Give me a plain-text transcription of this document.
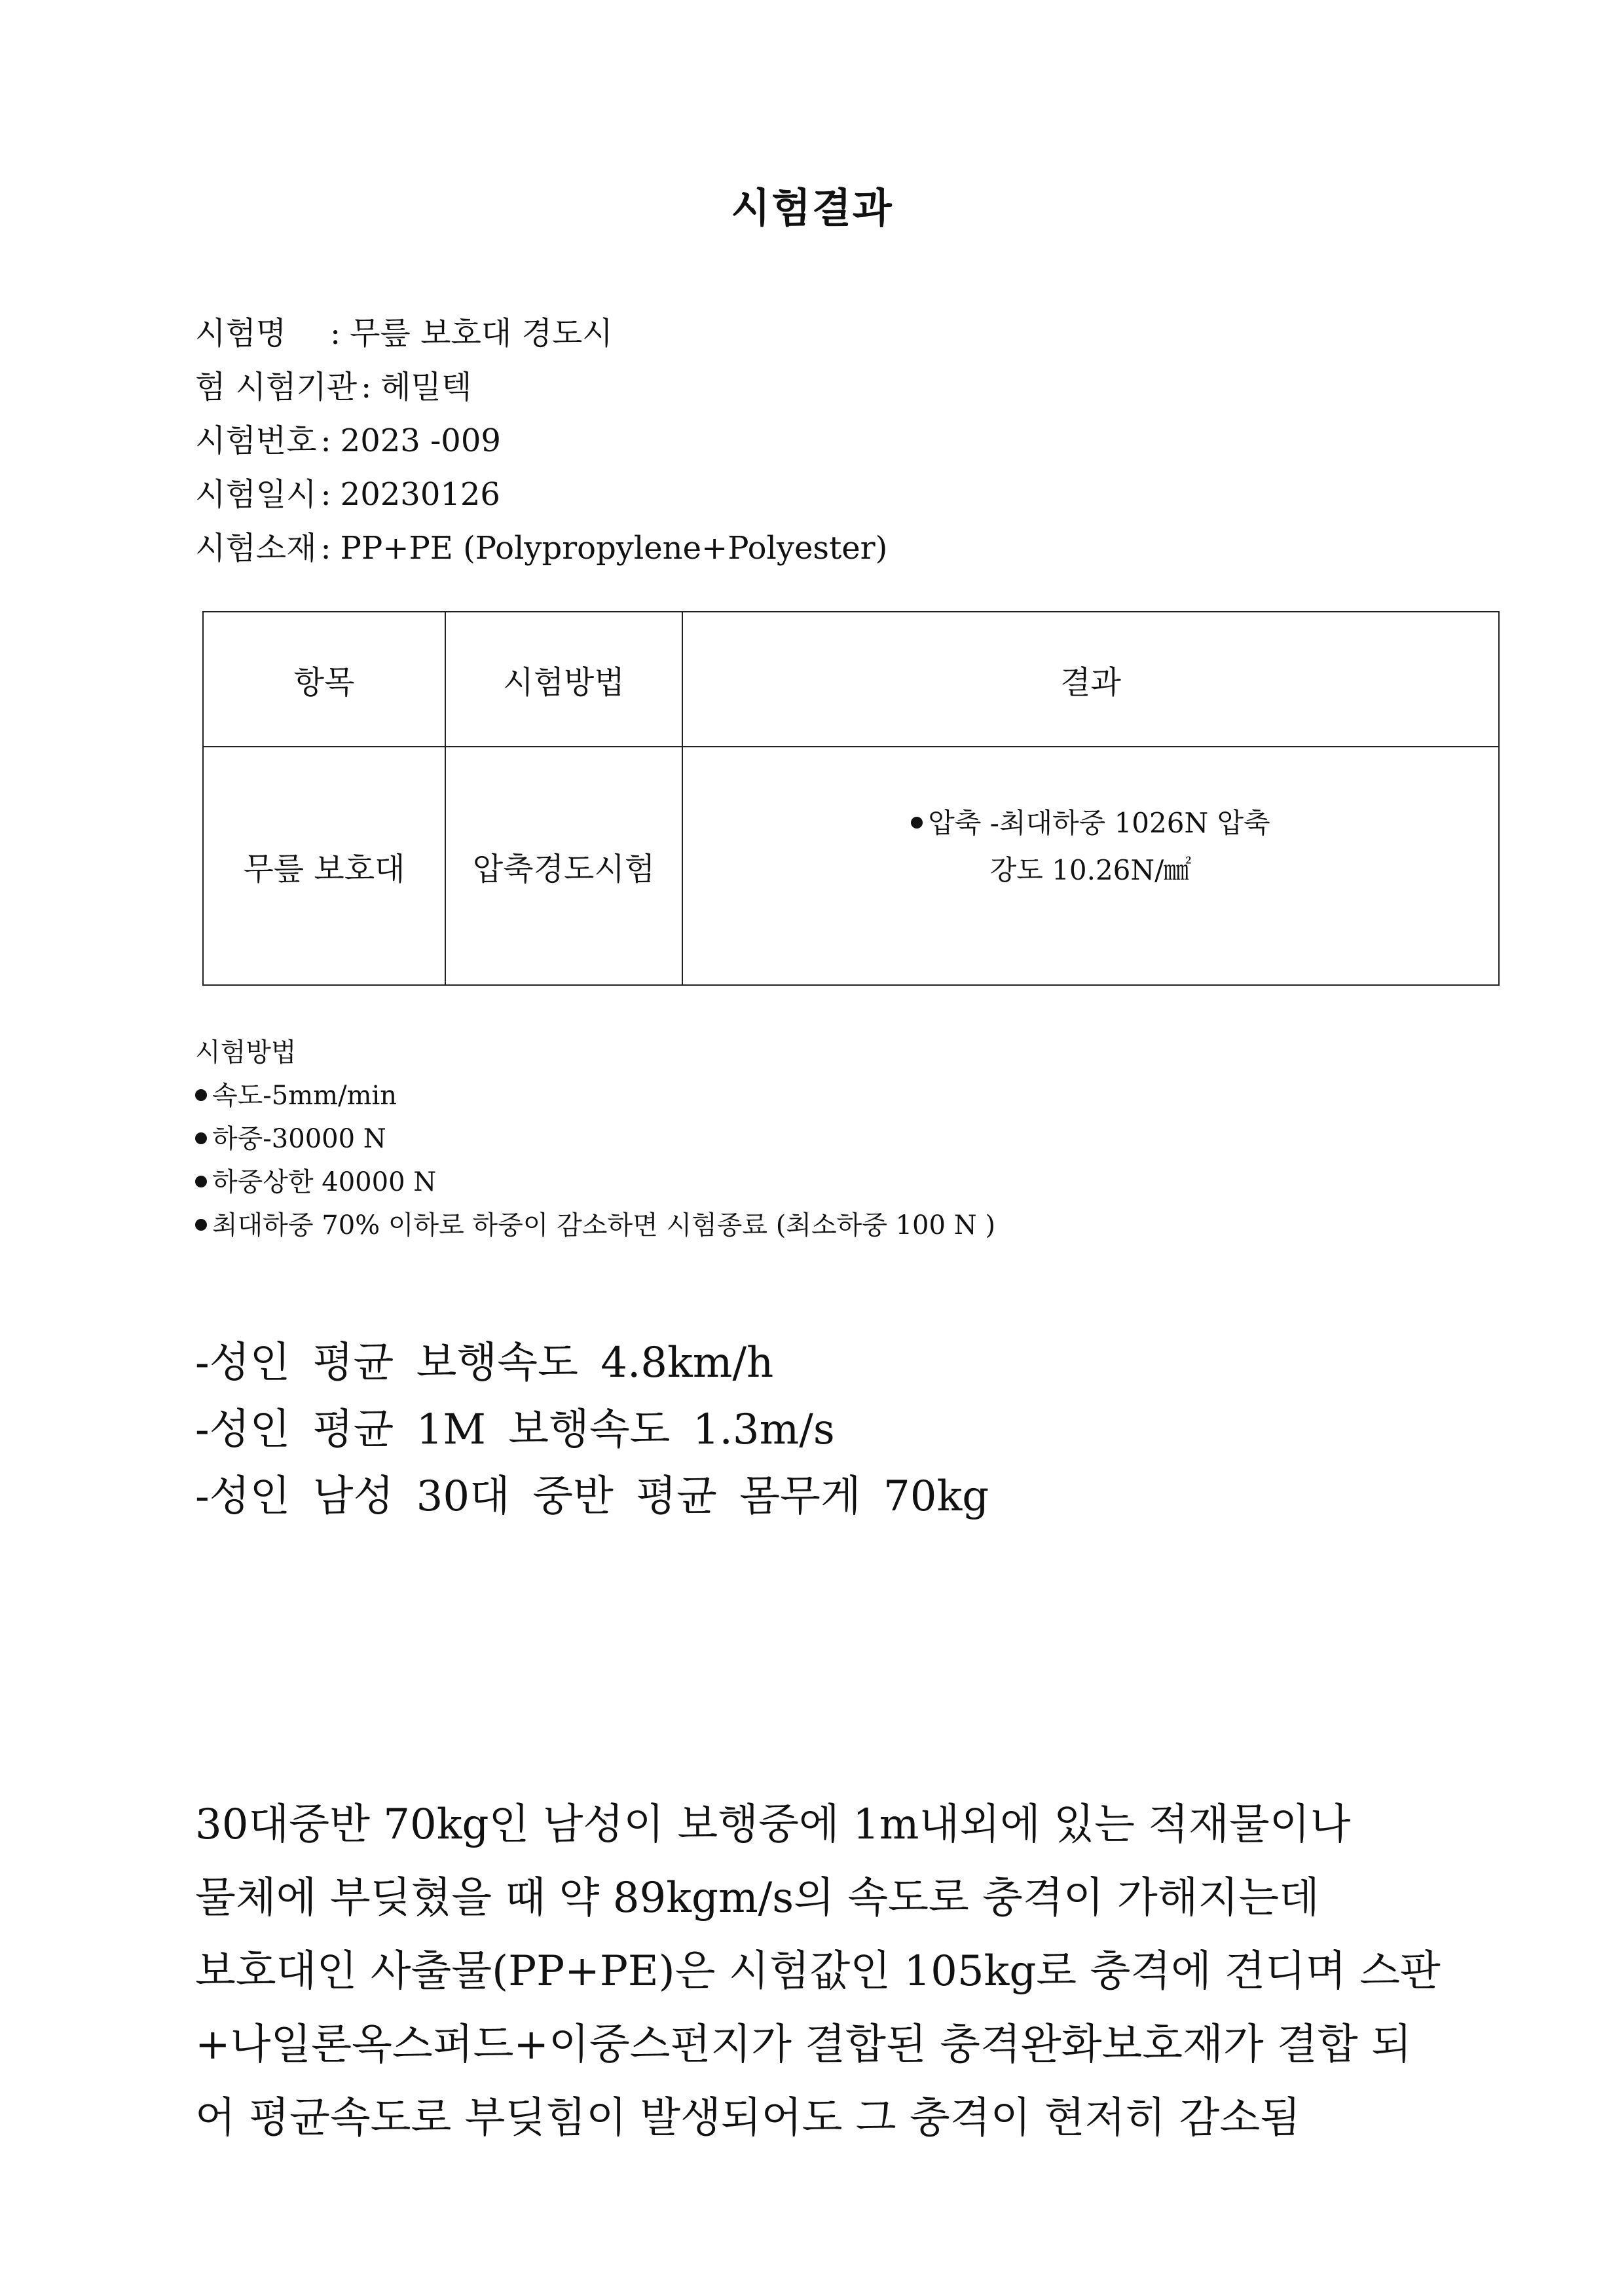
시험결과
시험명 : 무릎 보호대 경도시
험 시험기관 : 헤밀텍
시험번호 : 2023 -009
시험일시 : 20230126
시험소재 : PP+PE (Polypropylene+Polyester)
항목	시험방법	결과
무릎 보호대	압축경도시험	압축 -최대하중 1026N 압축
강도 10.26N/㎟
시험방법
속도-5mm/min
하중-30000 N
하중상한 40000 N
최대하중 70% 이하로 하중이 감소하면 시험종료 (최소하중 100 N )
-성인 평균 보행속도 4.8km/h
-성인 평균 1M 보행속도 1.3m/s
-성인 남성 30대 중반 평균 몸무게 70kg
30대중반 70kg인 남성이 보행중에 1m내외에 있는 적재물이나
물체에 부딪혔을 때 약 89kgm/s의 속도로 충격이 가해지는데
보호대인 사출물(PP+PE)은 시험값인 105kg로 충격에 견디며 스판
+나일론옥스퍼드+이중스펀지가 결합된 충격완화보호재가 결합 되
어 평균속도로 부딪힘이 발생되어도 그 충격이 현저히 감소됨
